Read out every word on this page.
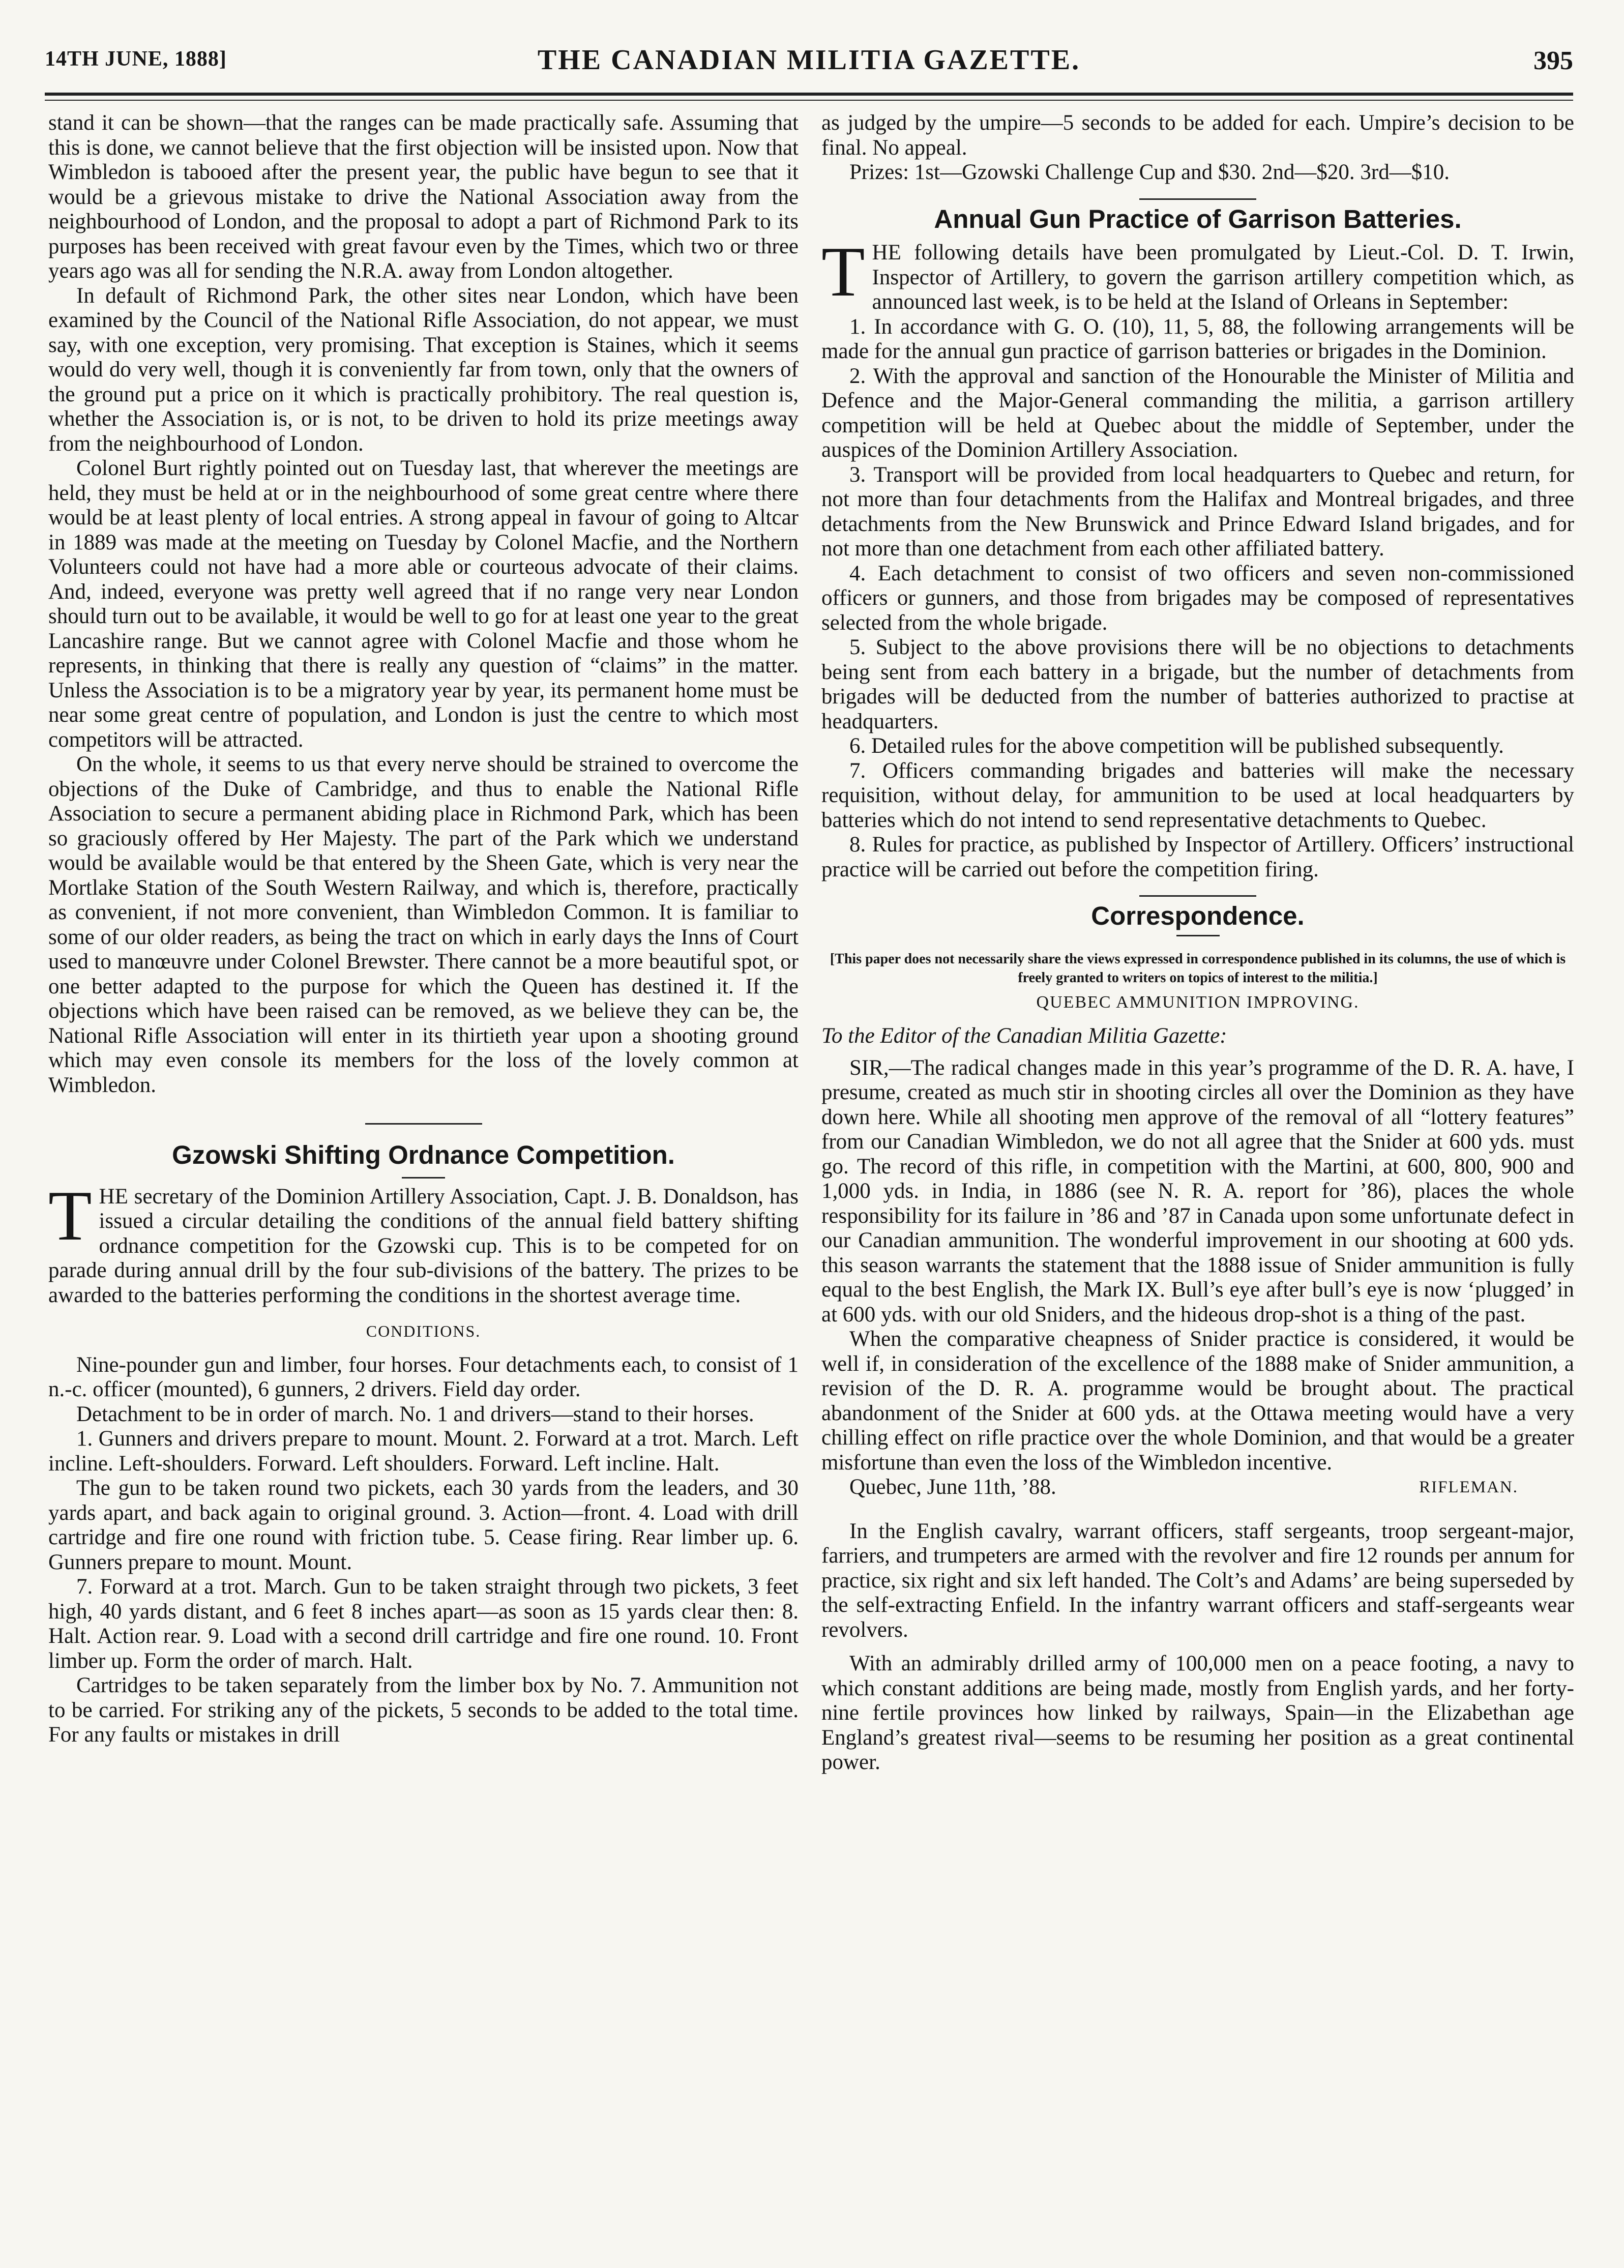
14TH JUNE, 1888]	THE CANADIAN MILITIA GAZETTE.	395

stand it can be shown—that the ranges can be made practically safe. Assuming that this is done, we cannot believe that the first objection will be insisted upon. Now that Wimbledon is tabooed after the present year, the public have begun to see that it would be a grievous mistake to drive the National Association away from the neighbourhood of London, and the proposal to adopt a part of Richmond Park to its purposes has been received with great favour even by the Times, which two or three years ago was all for sending the N.R.A. away from London altogether.

In default of Richmond Park, the other sites near London, which have been examined by the Council of the National Rifle Association, do not appear, we must say, with one exception, very promising. That exception is Staines, which it seems would do very well, though it is conveniently far from town, only that the owners of the ground put a price on it which is practically prohibitory. The real question is, whether the Association is, or is not, to be driven to hold its prize meetings away from the neighbourhood of London.

Colonel Burt rightly pointed out on Tuesday last, that wherever the meetings are held, they must be held at or in the neighbourhood of some great centre where there would be at least plenty of local entries. A strong appeal in favour of going to Altcar in 1889 was made at the meeting on Tuesday by Colonel Macfie, and the Northern Volunteers could not have had a more able or courteous advocate of their claims. And, indeed, everyone was pretty well agreed that if no range very near London should turn out to be available, it would be well to go for at least one year to the great Lancashire range. But we cannot agree with Colonel Macfie and those whom he represents, in thinking that there is really any question of “claims” in the matter. Unless the Association is to be a migratory year by year, its permanent home must be near some great centre of population, and London is just the centre to which most competitors will be attracted.

On the whole, it seems to us that every nerve should be strained to overcome the objections of the Duke of Cambridge, and thus to enable the National Rifle Association to secure a permanent abiding place in Richmond Park, which has been so graciously offered by Her Majesty. The part of the Park which we understand would be available would be that entered by the Sheen Gate, which is very near the Mortlake Station of the South Western Railway, and which is, therefore, practically as convenient, if not more convenient, than Wimbledon Common. It is familiar to some of our older readers, as being the tract on which in early days the Inns of Court used to manœuvre under Colonel Brewster. There cannot be a more beautiful spot, or one better adapted to the purpose for which the Queen has destined it. If the objections which have been raised can be removed, as we believe they can be, the National Rifle Association will enter in its thirtieth year upon a shooting ground which may even console its members for the loss of the lovely common at Wimbledon.

Gzowski Shifting Ordnance Competition.

THE secretary of the Dominion Artillery Association, Capt. J. B. Donaldson, has issued a circular detailing the conditions of the annual field battery shifting ordnance competition for the Gzowski cup. This is to be competed for on parade during annual drill by the four sub-divisions of the battery. The prizes to be awarded to the batteries performing the conditions in the shortest average time.

CONDITIONS.

Nine-pounder gun and limber, four horses. Four detachments each, to consist of 1 n.-c. officer (mounted), 6 gunners, 2 drivers. Field day order.

Detachment to be in order of march. No. 1 and drivers—stand to their horses.

1. Gunners and drivers prepare to mount. Mount. 2. Forward at a trot. March. Left incline. Left-shoulders. Forward. Left shoulders. Forward. Left incline. Halt.

The gun to be taken round two pickets, each 30 yards from the leaders, and 30 yards apart, and back again to original ground. 3. Action—front. 4. Load with drill cartridge and fire one round with friction tube. 5. Cease firing. Rear limber up. 6. Gunners prepare to mount. Mount.

7. Forward at a trot. March. Gun to be taken straight through two pickets, 3 feet high, 40 yards distant, and 6 feet 8 inches apart—as soon as 15 yards clear then: 8. Halt. Action rear. 9. Load with a second drill cartridge and fire one round. 10. Front limber up. Form the order of march. Halt.

Cartridges to be taken separately from the limber box by No. 7. Ammunition not to be carried. For striking any of the pickets, 5 seconds to be added to the total time. For any faults or mistakes in drill

as judged by the umpire—5 seconds to be added for each. Umpire’s decision to be final. No appeal.

Prizes: 1st—Gzowski Challenge Cup and $30. 2nd—$20. 3rd—$10.

Annual Gun Practice of Garrison Batteries.

THE following details have been promulgated by Lieut.-Col. D. T. Irwin, Inspector of Artillery, to govern the garrison artillery competition which, as announced last week, is to be held at the Island of Orleans in September:

1. In accordance with G. O. (10), 11, 5, 88, the following arrangements will be made for the annual gun practice of garrison batteries or brigades in the Dominion.

2. With the approval and sanction of the Honourable the Minister of Militia and Defence and the Major-General commanding the militia, a garrison artillery competition will be held at Quebec about the middle of September, under the auspices of the Dominion Artillery Association.

3. Transport will be provided from local headquarters to Quebec and return, for not more than four detachments from the Halifax and Montreal brigades, and three detachments from the New Brunswick and Prince Edward Island brigades, and for not more than one detachment from each other affiliated battery.

4. Each detachment to consist of two officers and seven non-commissioned officers or gunners, and those from brigades may be composed of representatives selected from the whole brigade.

5. Subject to the above provisions there will be no objections to detachments being sent from each battery in a brigade, but the number of detachments from brigades will be deducted from the number of batteries authorized to practise at headquarters.

6. Detailed rules for the above competition will be published subsequently.

7. Officers commanding brigades and batteries will make the necessary requisition, without delay, for ammunition to be used at local headquarters by batteries which do not intend to send representative detachments to Quebec.

8. Rules for practice, as published by Inspector of Artillery. Officers’ instructional practice will be carried out before the competition firing.

Correspondence.
[This paper does not necessarily share the views expressed in correspondence published in its columns, the use of which is freely granted to writers on topics of interest to the militia.]
QUEBEC AMMUNITION IMPROVING.
To the Editor of the Canadian Militia Gazette:

SIR,—The radical changes made in this year’s programme of the D. R. A. have, I presume, created as much stir in shooting circles all over the Dominion as they have down here. While all shooting men approve of the removal of all “lottery features” from our Canadian Wimbledon, we do not all agree that the Snider at 600 yds. must go. The record of this rifle, in competition with the Martini, at 600, 800, 900 and 1,000 yds. in India, in 1886 (see N. R. A. report for ’86), places the whole responsibility for its failure in ’86 and ’87 in Canada upon some unfortunate defect in our Canadian ammunition. The wonderful improvement in our shooting at 600 yds. this season warrants the statement that the 1888 issue of Snider ammunition is fully equal to the best English, the Mark IX. Bull’s eye after bull’s eye is now ‘plugged’ in at 600 yds. with our old Sniders, and the hideous drop-shot is a thing of the past.

When the comparative cheapness of Snider practice is considered, it would be well if, in consideration of the excellence of the 1888 make of Snider ammunition, a revision of the D. R. A. programme would be brought about. The practical abandonment of the Snider at 600 yds. at the Ottawa meeting would have a very chilling effect on rifle practice over the whole Dominion, and that would be a greater misfortune than even the loss of the Wimbledon incentive.

Quebec, June 11th, ’88.	RIFLEMAN.

In the English cavalry, warrant officers, staff sergeants, troop sergeant-major, farriers, and trumpeters are armed with the revolver and fire 12 rounds per annum for practice, six right and six left handed. The Colt’s and Adams’ are being superseded by the self-extracting Enfield. In the infantry warrant officers and staff-sergeants wear revolvers.

With an admirably drilled army of 100,000 men on a peace footing, a navy to which constant additions are being made, mostly from English yards, and her forty-nine fertile provinces how linked by railways, Spain—in the Elizabethan age England’s greatest rival—seems to be resuming her position as a great continental power.
